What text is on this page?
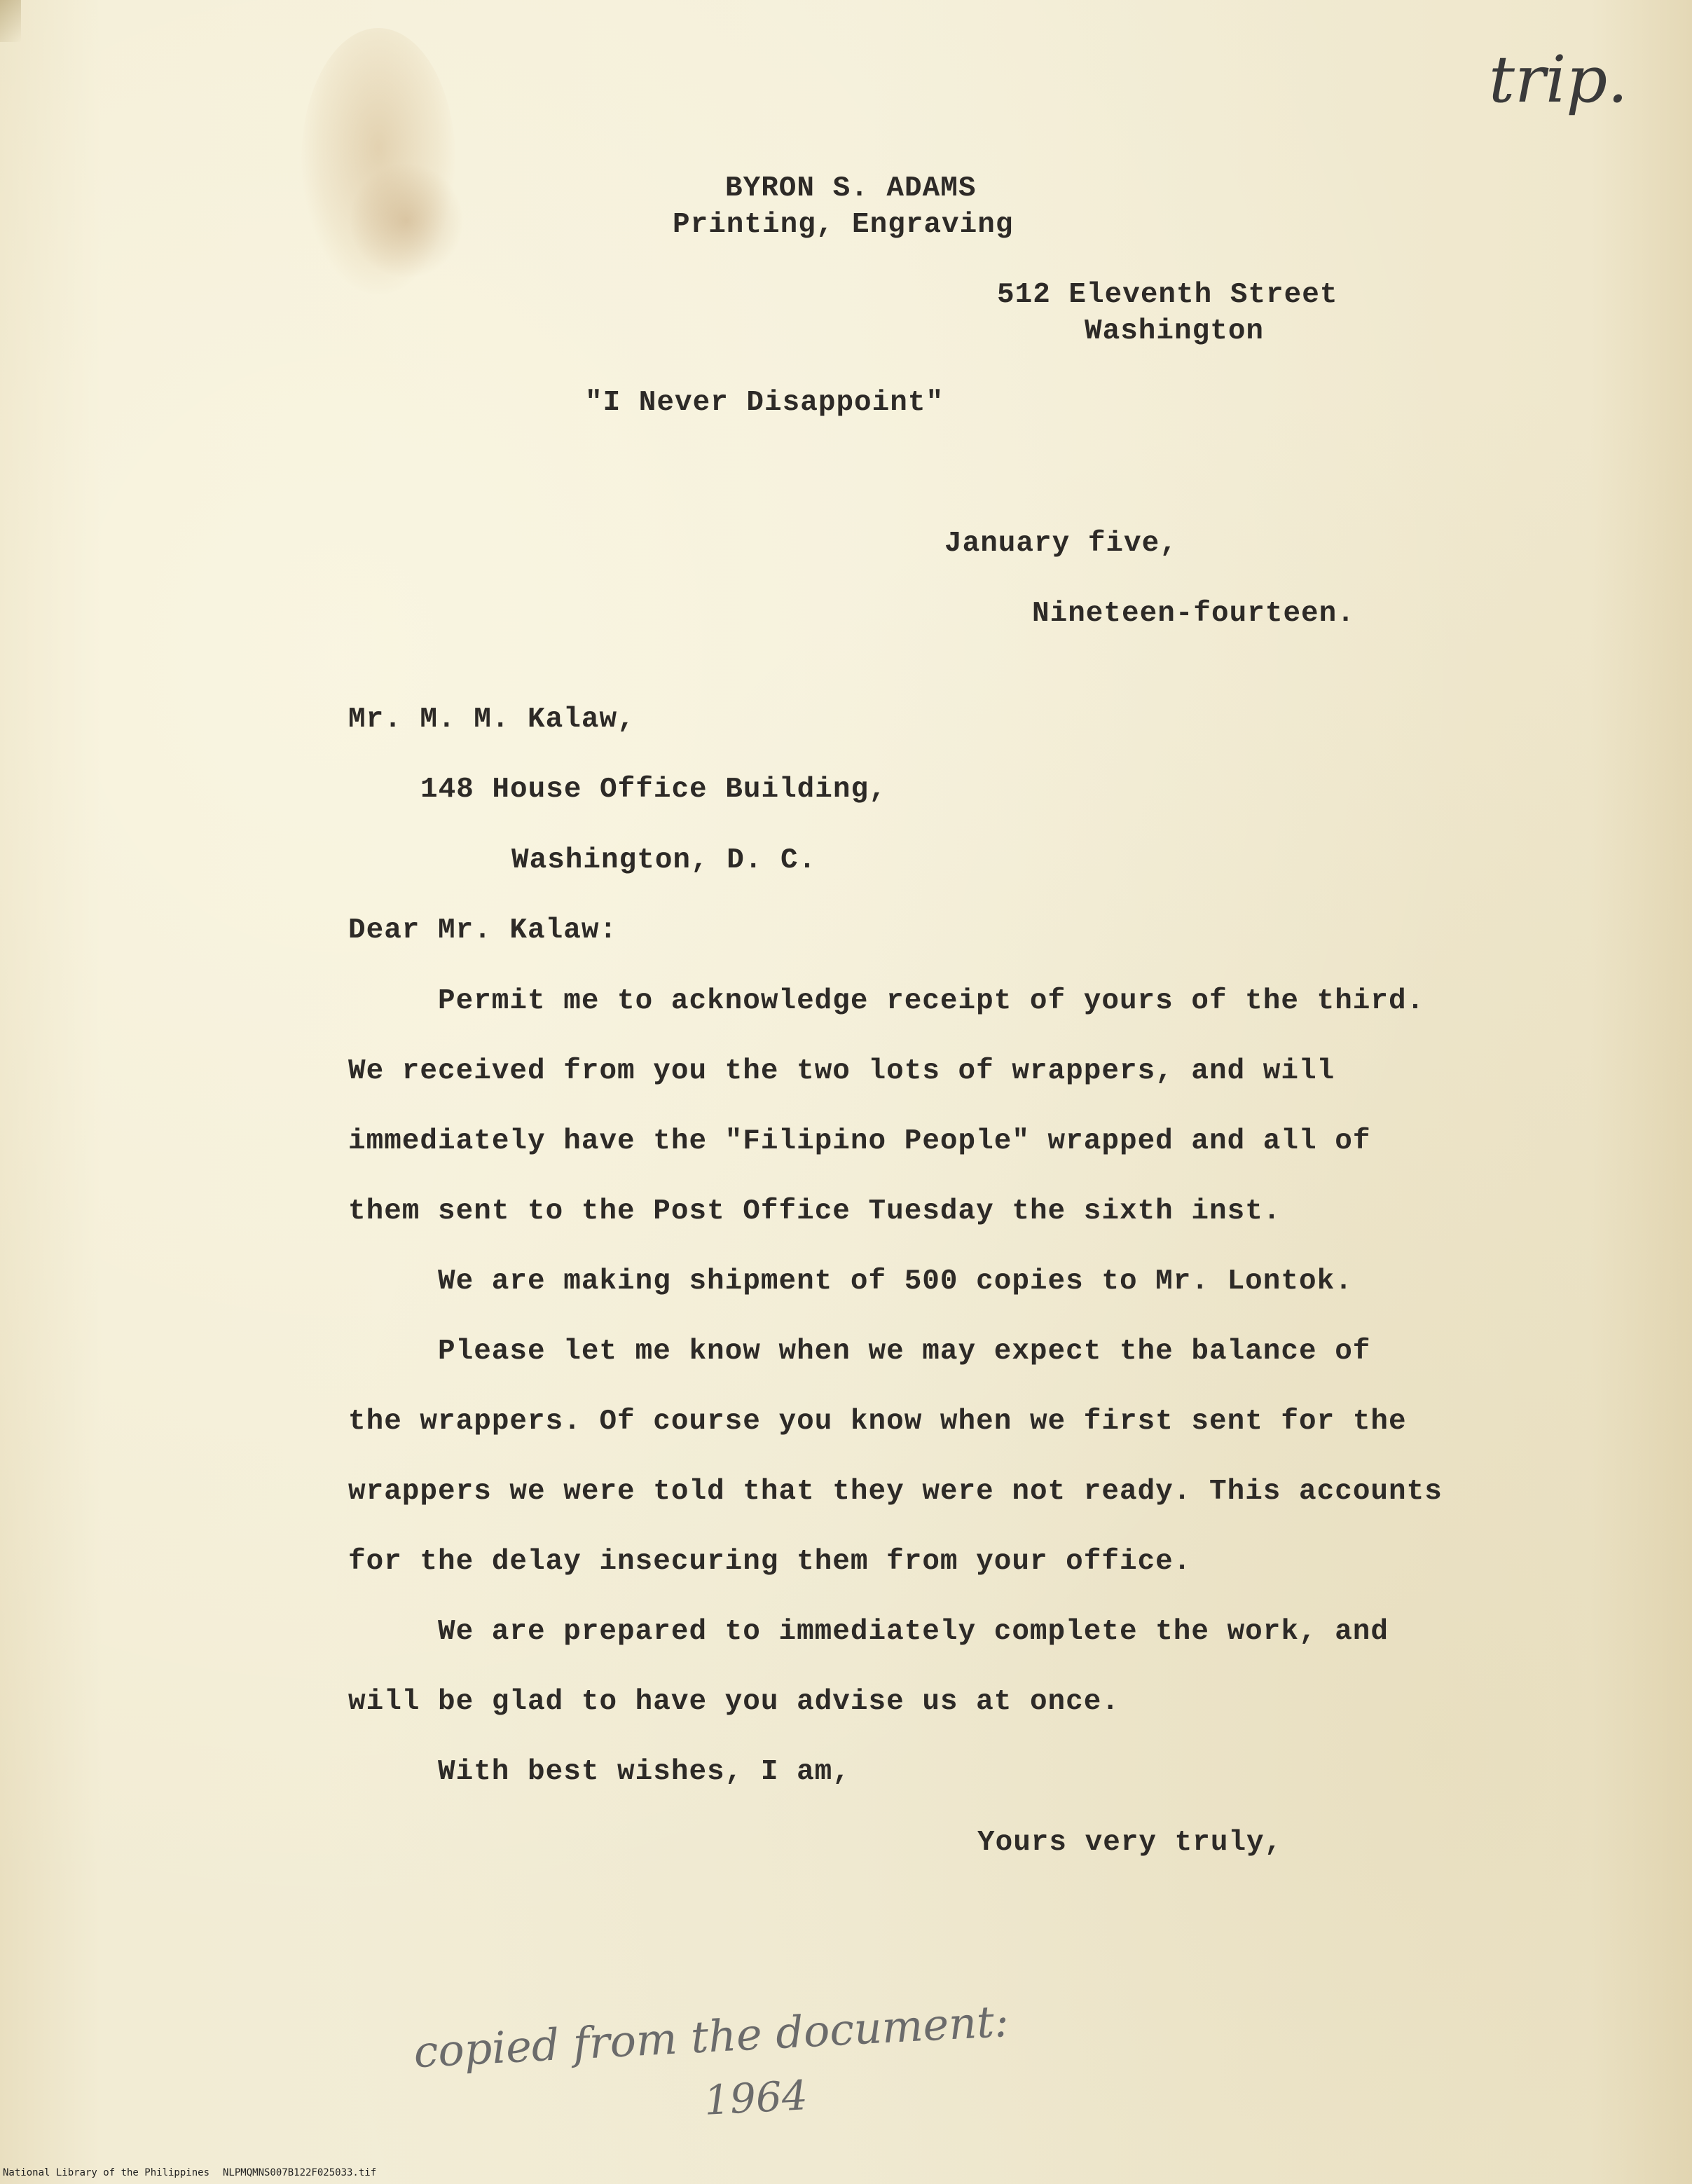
trip.
BYRON S. ADAMS
Printing, Engraving
512 Eleventh Street
Washington
"I Never Disappoint"
January five,
Nineteen-fourteen.
Mr. M. M. Kalaw,
148 House Office Building,
Washington, D. C.
Dear Mr. Kalaw:
Permit me to acknowledge receipt of yours of the third.
We received from you the two lots of wrappers, and will
immediately have the "Filipino People" wrapped and all of
them sent to the Post Office Tuesday the sixth inst.
We are making shipment of 500 copies to Mr. Lontok.
Please let me know when we may expect the balance of
the wrappers. Of course you know when we first sent for the
wrappers we were told that they were not ready. This accounts
for the delay insecuring them from your office.
We are prepared to immediately complete the work, and
will be glad to have you advise us at once.
With best wishes, I am,
Yours very truly,
copied from the document:
1964
National Library of the Philippines NLPMQMNS007B122F025033.tif
